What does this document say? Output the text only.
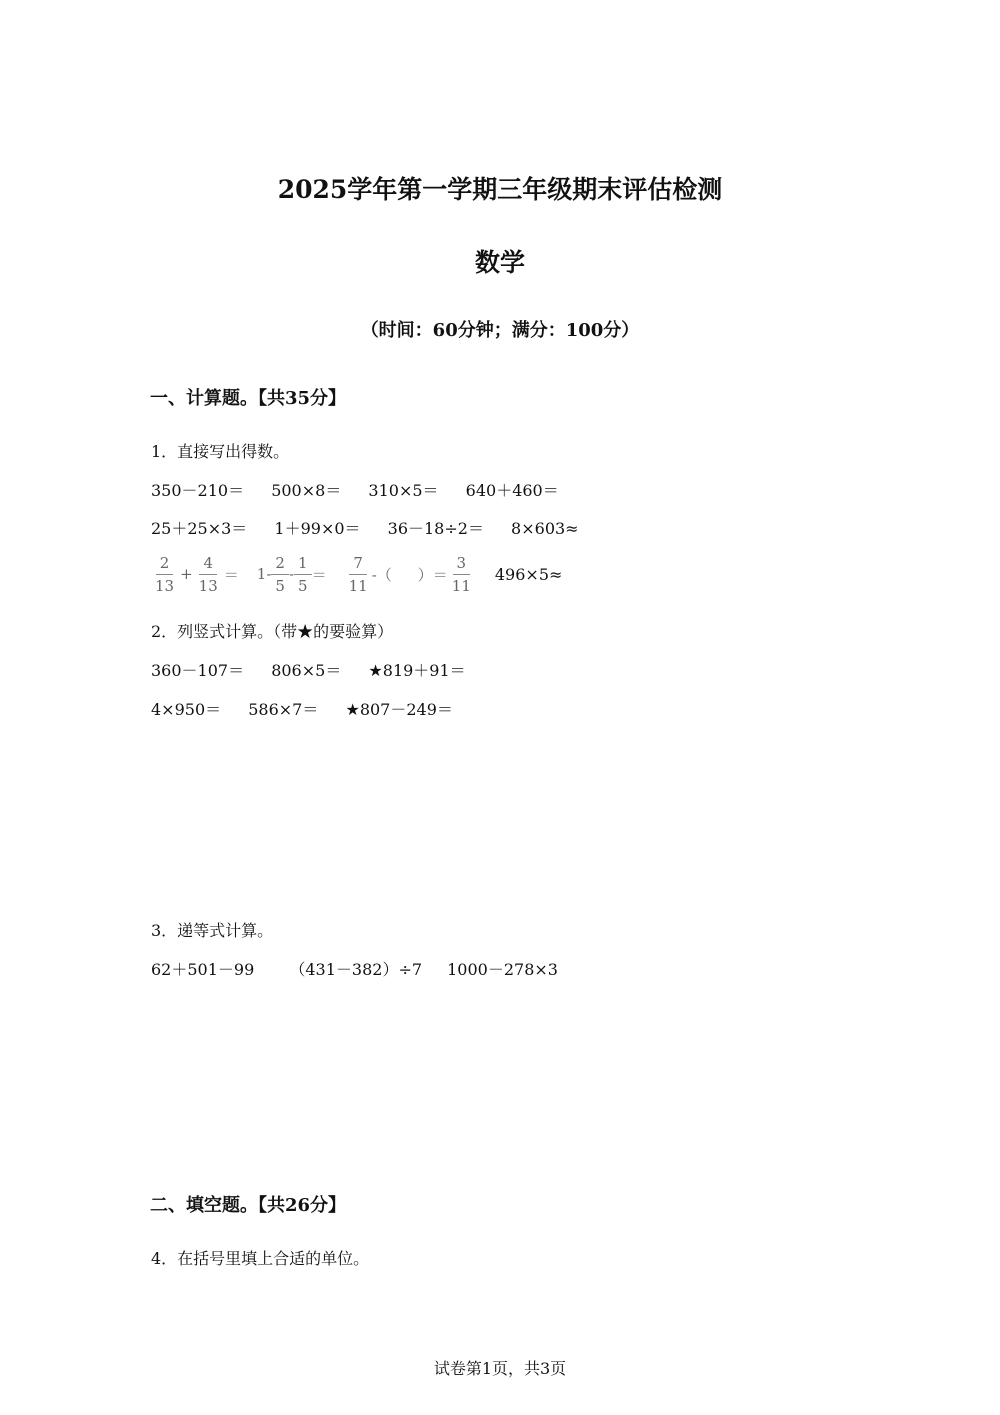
2025学年第一学期三年级期末评估检测
数学
（时间：60分钟；满分：100分）
一、计算题。【共35分】
1．直接写出得数。
350－210＝ 500×8＝ 310×5＝ 640＋460＝
25＋25×3＝ 1＋99×0＝ 36－18÷2＝ 8×603≈
$\frac{2}{13} + \frac{4}{13} = 1- \frac{2}{5} - \frac{1}{5} = \frac{7}{11}$ -（ ）＝ $\frac{3}{11} 496\times 5\approx$
2．列竖式计算。（带★的要验算）
360－107＝ 806×5＝ ★819＋91＝
4×950＝ 586×7＝ ★807－249＝
3．递等式计算。
62＋501－99 （431－382）÷7 1000－278×3
二、填空题。【共26分】
4．在括号里填上合适的单位。
试卷第1页，共3页
